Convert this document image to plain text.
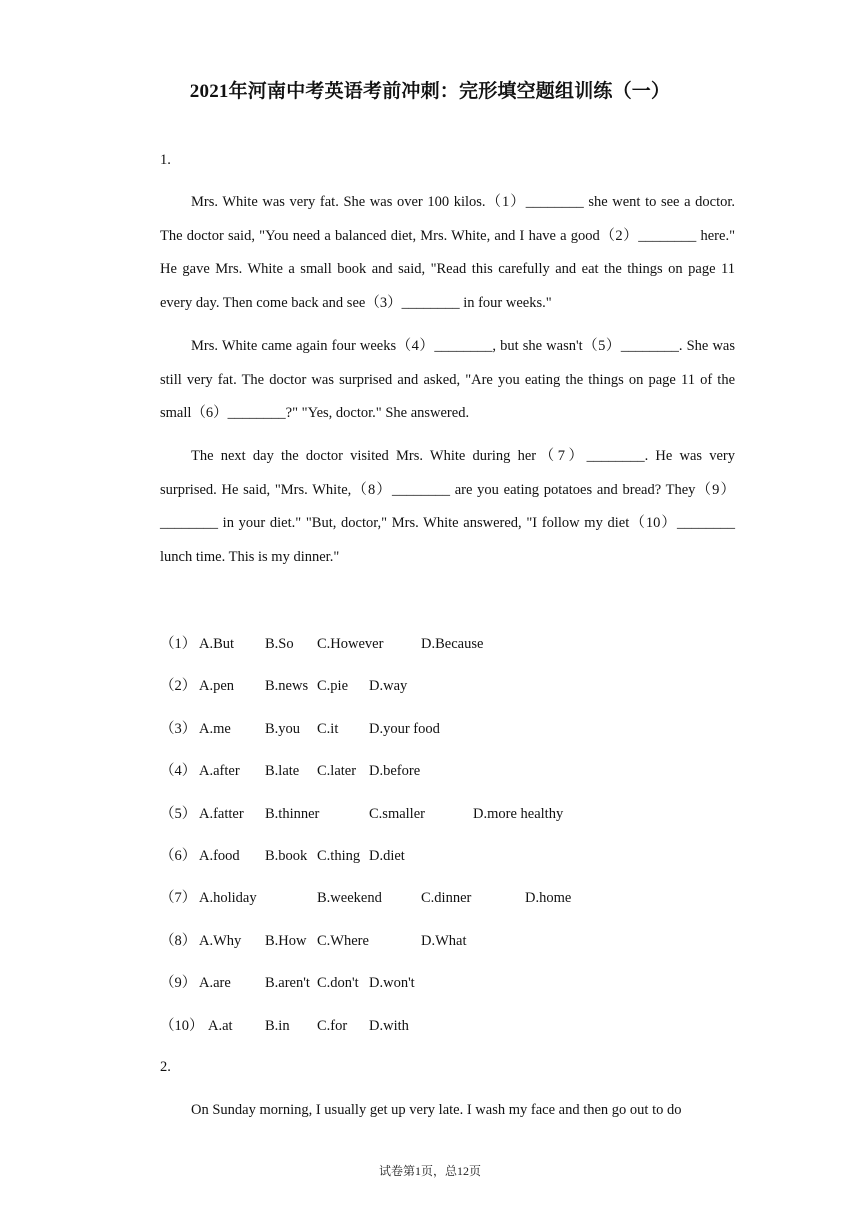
2021年河南中考英语考前冲刺：完形填空题组训练（一）
1.

Mrs. White was very fat. She was over 100 kilos.（1）________ she went to see a doctor. The doctor said, "You need a balanced diet, Mrs. White, and I have a good（2）________ here." He gave Mrs. White a small book and said, "Read this carefully and eat the things on page 11 every day. Then come back and see（3）________ in four weeks."

Mrs. White came again four weeks（4）________, but she wasn't（5）________. She was still very fat. The doctor was surprised and asked, "Are you eating the things on page 11 of the small（6）________?" "Yes, doctor." She answered.

The next day the doctor visited Mrs. White during her（7）________. He was very surprised. He said, "Mrs. White,（8）________ are you eating potatoes and bread? They（9）________ in your diet." "But, doctor," Mrs. White answered, "I follow my diet（10）________ lunch time. This is my dinner."

（1） A.But B.So C.However	D.Because
（2） A.pen B.news C.pie D.way
（3） A.me B.you C.it D.your food
（4） A.after B.late C.later D.before
（5） A.fatter B.thinner	C.smaller	D.more healthy
（6） A.food B.book C.thing D.diet
（7） A.holiday	B.weekend	C.dinner	D.home
（8） A.Why B.How C.Where	D.What
（9） A.are B.aren't C.don't D.won't
（10） A.at B.in C.for D.with
2.

On Sunday morning, I usually get up very late. I wash my face and then go out to do

试卷第1页，总12页
